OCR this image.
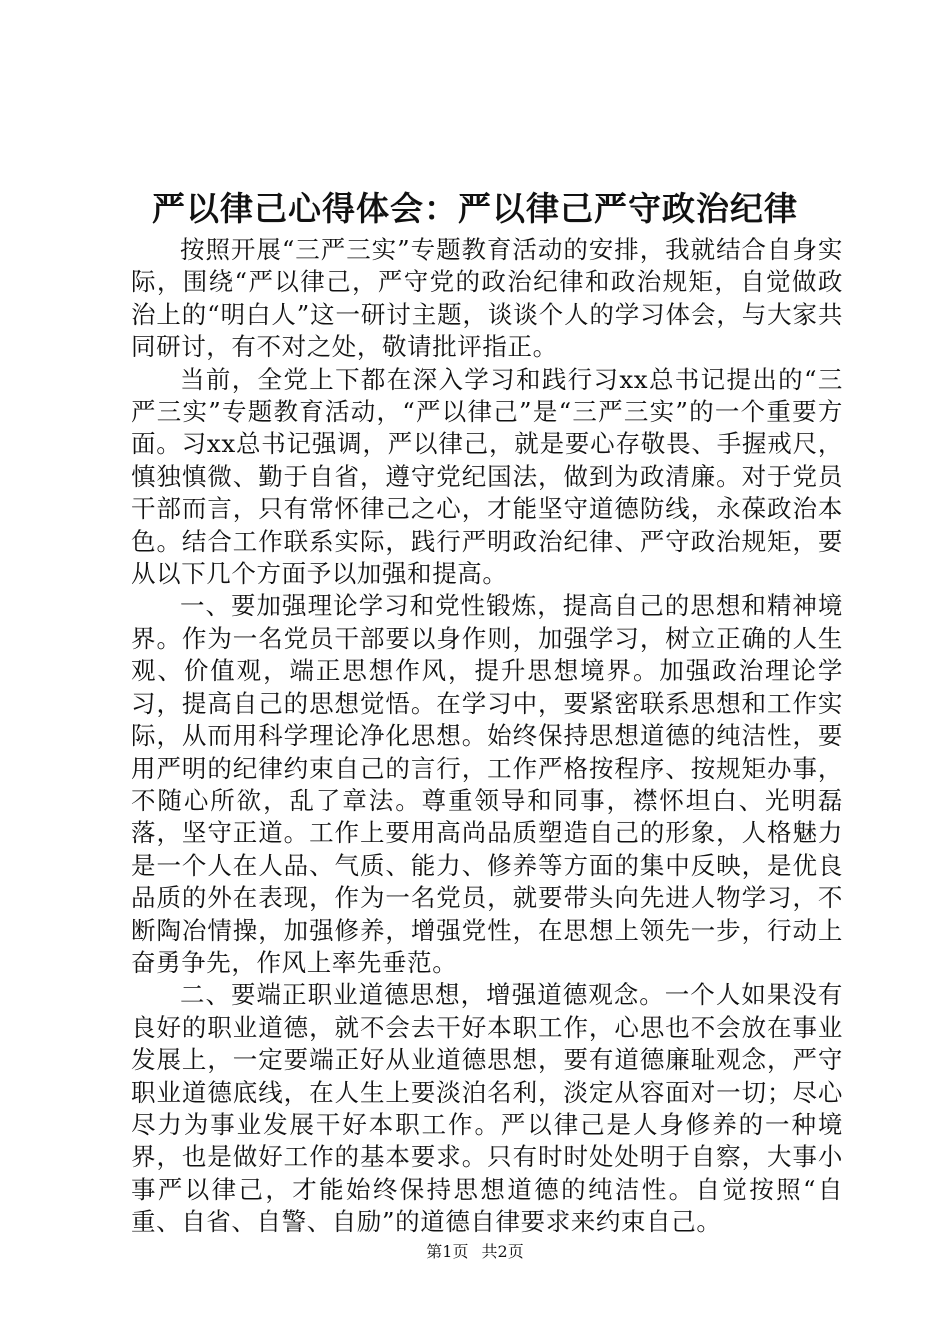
严以律己心得体会：严以律己严守政治纪律

按照开展“三严三实”专题教育活动的安排，我就结合自身实际，围绕“严以律己，严守党的政治纪律和政治规矩，自觉做政治上的“明白人”这一研讨主题，谈谈个人的学习体会，与大家共同研讨，有不对之处，敬请批评指正。

当前，全党上下都在深入学习和践行习xx总书记提出的“三严三实”专题教育活动，“严以律己”是“三严三实”的一个重要方面。习xx总书记强调，严以律己，就是要心存敬畏、手握戒尺，慎独慎微、勤于自省，遵守党纪国法，做到为政清廉。对于党员干部而言，只有常怀律己之心，才能坚守道德防线，永葆政治本色。结合工作联系实际，践行严明政治纪律、严守政治规矩，要从以下几个方面予以加强和提高。

一、要加强理论学习和党性锻炼，提高自己的思想和精神境界。作为一名党员干部要以身作则，加强学习，树立正确的人生观、价值观，端正思想作风，提升思想境界。加强政治理论学习，提高自己的思想觉悟。在学习中，要紧密联系思想和工作实际，从而用科学理论净化思想。始终保持思想道德的纯洁性，要用严明的纪律约束自己的言行，工作严格按程序、按规矩办事，不随心所欲，乱了章法。尊重领导和同事，襟怀坦白、光明磊落，坚守正道。工作上要用高尚品质塑造自己的形象，人格魅力是一个人在人品、气质、能力、修养等方面的集中反映，是优良品质的外在表现，作为一名党员，就要带头向先进人物学习，不断陶冶情操，加强修养，增强党性，在思想上领先一步，行动上奋勇争先，作风上率先垂范。

二、要端正职业道德思想，增强道德观念。一个人如果没有良好的职业道德，就不会去干好本职工作，心思也不会放在事业发展上，一定要端正好从业道德思想，要有道德廉耻观念，严守职业道德底线，在人生上要淡泊名利，淡定从容面对一切；尽心尽力为事业发展干好本职工作。严以律己是人身修养的一种境界，也是做好工作的基本要求。只有时时处处明于自察，大事小事严以律己，才能始终保持思想道德的纯洁性。自觉按照“自重、自省、自警、自励”的道德自律要求来约束自己。

第1页 共2页
